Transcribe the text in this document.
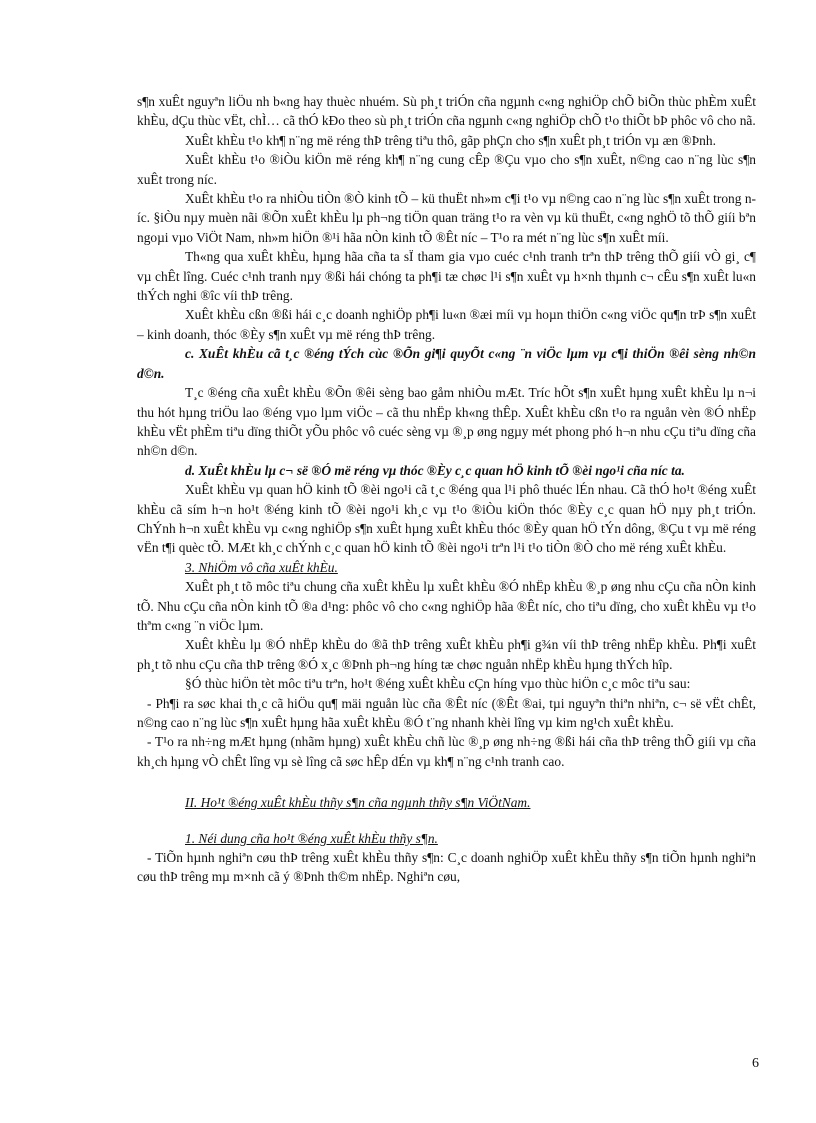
s¶n xuÊt nguyªn liÖu nh b«ng hay thuèc nhuém. Sù ph¸t triÓn cña ngµnh c«ng nghiÖp chÕ biÕn thùc phÈm xuÊt khÈu, dÇu thùc vËt, chÌ… cã thÓ kÐo theo sù ph¸t triÓn cña ngµnh c«ng nghiÖp chÕ t¹o thiÕt bÞ phôc vô cho nã.

XuÊt khÈu t¹o kh¶ n¨ng më réng thÞ trêng tiªu thô, gãp phÇn cho s¶n xuÊt ph¸t triÓn vµ æn ®Þnh.

XuÊt khÈu t¹o ®iÒu kiÖn më réng kh¶ n¨ng cung cÊp ®Çu vµo cho s¶n xuÊt, n©ng cao n¨ng lùc s¶n xuÊt trong níc.

XuÊt khÈu t¹o ra nhiÒu tiÒn ®Ò kinh tÕ – kü thuËt nh»m c¶i t¹o vµ n©ng cao n¨ng lùc s¶n xuÊt trong níc. §iÒu nµy muèn nãi ®Õn xuÊt khÈu lµ ph¬ng tiÖn quan träng t¹o ra vèn vµ kü thuËt, c«ng nghÖ tõ thÕ giíi bªn ngoµi vµo ViÖt Nam, nh»m hiÖn ®¹i hãa nÒn kinh tÕ ®Êt níc – T¹o ra mét n¨ng lùc s¶n xuÊt míi.

Th«ng qua xuÊt khÈu, hµng hãa cña ta sÏ tham gia vµo cuéc c¹nh tranh trªn thÞ trêng thÕ giíi vÒ gi¸ c¶ vµ chÊt lîng. Cuéc c¹nh tranh nµy ®ßi hái chóng ta ph¶i tæ chøc l¹i s¶n xuÊt vµ h×nh thµnh c¬ cÊu s¶n xuÊt lu«n thÝch nghi ®îc víi thÞ trêng.

XuÊt khÈu cßn ®ßi hái c¸c doanh nghiÖp ph¶i lu«n ®æi míi vµ hoµn thiÖn c«ng viÖc qu¶n trÞ s¶n xuÊt – kinh doanh, thóc ®Èy s¶n xuÊt vµ më réng thÞ trêng.

c. XuÊt khÈu cã t¸c ®éng tÝch cùc ®Õn gi¶i quyÕt c«ng ¨n viÖc lµm vµ c¶i thiÖn ®êi sèng nh©n d©n.

T¸c ®éng cña xuÊt khÈu ®Õn ®êi sèng bao gåm nhiÒu mÆt. Tríc hÕt s¶n xuÊt hµng xuÊt khÈu lµ n¬i thu hót hµng triÖu lao ®éng vµo lµm viÖc – cã thu nhËp kh«ng thÊp. XuÊt khÈu cßn t¹o ra nguån vèn ®Ó nhËp khÈu vËt phÈm tiªu dïng thiÕt yÕu phôc vô cuéc sèng vµ ®¸p øng ngµy mét phong phó h¬n nhu cÇu tiªu dïng cña nh©n d©n.

d. XuÊt khÈu lµ c¬ së ®Ó më réng vµ thóc ®Èy c¸c quan hÖ kinh tÕ ®èi ngo¹i cña níc ta.

XuÊt khÈu vµ quan hÖ kinh tÕ ®èi ngo¹i cã t¸c ®éng qua l¹i phô thuéc lÉn nhau. Cã thÓ ho¹t ®éng xuÊt khÈu cã sím h¬n ho¹t ®éng kinh tÕ ®èi ngo¹i kh¸c vµ t¹o ®iÒu kiÖn thóc ®Èy c¸c quan hÖ nµy ph¸t triÓn. ChÝnh h¬n xuÊt khÈu vµ c«ng nghiÖp s¶n xuÊt hµng xuÊt khÈu thóc ®Èy quan hÖ tÝn dông, ®Çu t vµ më réng vËn t¶i quèc tÕ. MÆt kh¸c chÝnh c¸c quan hÖ kinh tÕ ®èi ngo¹i trªn l¹i t¹o tiÒn ®Ò cho më réng xuÊt khÈu.

3. NhiÖm vô cña xuÊt khÈu.

XuÊt ph¸t tõ môc tiªu chung cña xuÊt khÈu lµ xuÊt khÈu ®Ó nhËp khÈu ®¸p øng nhu cÇu cña nÒn kinh tÕ. Nhu cÇu cña nÒn kinh tÕ ®a d¹ng: phôc vô cho c«ng nghiÖp hãa ®Êt níc, cho tiªu dïng, cho xuÊt khÈu vµ t¹o thªm c«ng ¨n viÖc lµm.

XuÊt khÈu lµ ®Ó nhËp khÈu do ®ã thÞ trêng xuÊt khÈu ph¶i g¾n víi thÞ trêng nhËp khÈu. Ph¶i xuÊt ph¸t tõ nhu cÇu cña thÞ trêng ®Ó x¸c ®Þnh ph¬ng híng tæ chøc nguån nhËp khÈu hµng thÝch hîp.

§Ó thùc hiÖn tèt môc tiªu trªn, ho¹t ®éng xuÊt khÈu cÇn híng vµo thùc hiÖn c¸c môc tiªu sau:

- Ph¶i ra søc khai th¸c cã hiÖu qu¶ mäi nguån lùc cña ®Êt níc (®Êt ®ai, tµi nguyªn thiªn nhiªn, c¬ së vËt chÊt, n©ng cao n¨ng lùc s¶n xuÊt hµng hãa xuÊt khÈu ®Ó t¨ng nhanh khèi lîng vµ kim ng¹ch xuÊt khÈu.

- T¹o ra nh÷ng mÆt hµng (nhãm hµng) xuÊt khÈu chñ lùc ®¸p øng nh÷ng ®ßi hái cña thÞ trêng thÕ giíi vµ cña kh¸ch hµng vÒ chÊt lîng vµ sè lîng cã søc hÊp dÉn vµ kh¶ n¨ng c¹nh tranh cao.

II. Ho¹t ®éng xuÊt khÈu thñy s¶n cña ngµnh thñy s¶n ViÖtNam.

1. Néi dung cña ho¹t ®éng xuÊt khÈu thñy s¶n.

- TiÕn hµnh nghiªn cøu thÞ trêng xuÊt khÈu thñy s¶n: C¸c doanh nghiÖp xuÊt khÈu thñy s¶n tiÕn hµnh nghiªn cøu thÞ trêng mµ m×nh cã ý ®Þnh th©m nhËp. Nghiªn cøu,

6
